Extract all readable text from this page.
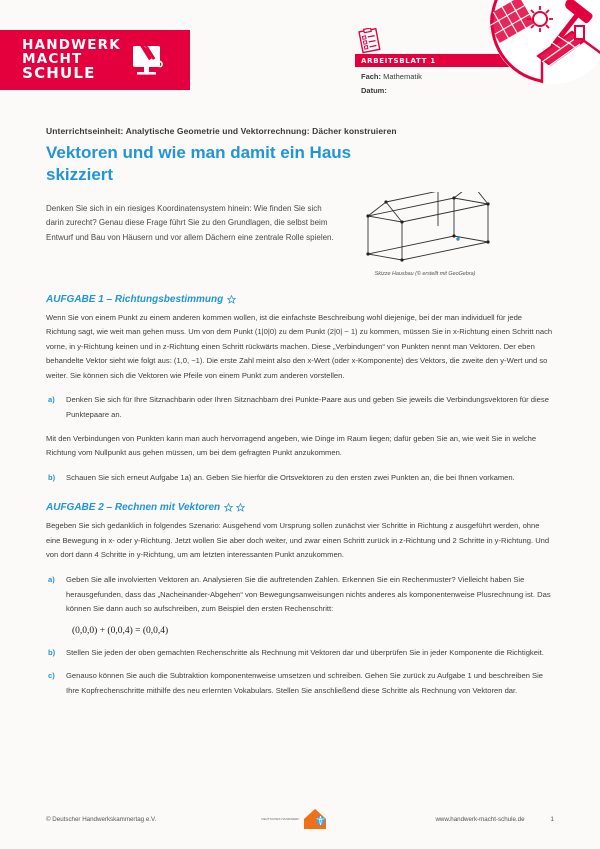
HANDWERK
MACHT
SCHULE
ARBEITSBLATT 1
Fach: Mathematik
Datum:
Unterrichtseinheit: Analytische Geometrie und Vektorrechnung: Dächer konstruieren
Vektoren und wie man damit ein Haus skizziert
Denken Sie sich in ein riesiges Koordinatensystem hinein: Wie finden Sie sich darin zurecht? Genau diese Frage führt Sie zu den Grundlagen, die selbst beim Entwurf und Bau von Häusern und vor allem Dächern eine zentrale Rolle spielen.
Skizze Hausbau (© erstellt mit GeoGebra)
AUFGABE 1 – Richtungsbestimmung

Wenn Sie von einem Punkt zu einem anderen kommen wollen, ist die einfachste Beschreibung wohl diejenige, bei der man individuell für jede Richtung sagt, wie weit man gehen muss. Um von dem Punkt (1|0|0) zu dem Punkt (2|0| − 1) zu kommen, müssen Sie in x-Richtung einen Schritt nach vorne, in y-Richtung keinen und in z-Richtung einen Schritt rückwärts machen. Diese „Verbindungen“ von Punkten nennt man Vektoren. Der eben behandelte Vektor sieht wie folgt aus: (1,0, −1). Die erste Zahl meint also den x-Wert (oder x-Komponente) des Vektors, die zweite den y-Wert und so weiter. Sie können sich die Vektoren wie Pfeile von einem Punkt zum anderen vorstellen.

a)	Denken Sie sich für Ihre Sitznachbarin oder Ihren Sitznachbarn drei Punkte-Paare aus und geben Sie jeweils die Verbindungsvektoren für diese Punktepaare an.

Mit den Verbindungen von Punkten kann man auch hervorragend angeben, wie Dinge im Raum liegen; dafür geben Sie an, wie weit Sie in welche Richtung vom Nullpunkt aus gehen müssen, um bei dem gefragten Punkt anzukommen.

b)	Schauen Sie sich erneut Aufgabe 1a) an. Geben Sie hierfür die Ortsvektoren zu den ersten zwei Punkten an, die bei Ihnen vorkamen.
AUFGABE 2 – Rechnen mit Vektoren

Begeben Sie sich gedanklich in folgendes Szenario: Ausgehend vom Ursprung sollen zunächst vier Schritte in Richtung z ausgeführt werden, ohne eine Bewegung in x- oder y-Richtung. Jetzt wollen Sie aber doch weiter, und zwar einen Schritt zurück in z-Richtung und 2 Schritte in y-Richtung. Und von dort dann 4 Schritte in y-Richtung, um am letzten interessanten Punkt anzukommen.

a)	Geben Sie alle involvierten Vektoren an. Analysieren Sie die auftretenden Zahlen. Erkennen Sie ein Rechenmuster? Vielleicht haben Sie herausgefunden, dass das „Nacheinander-Abgehen“ von Bewegungsanweisungen nichts anderes als komponentenweise Plusrechnung ist. Das können Sie dann auch so aufschreiben, zum Beispiel den ersten Rechenschritt:
(0,0,0) + (0,0,4) = (0,0,4)
b)	Stellen Sie jeden der oben gemachten Rechenschritte als Rechnung mit Vektoren dar und überprüfen Sie in jeder Komponente die Richtigkeit.
c)	Genauso können Sie auch die Subtraktion komponentenweise umsetzen und schreiben. Gehen Sie zurück zu Aufgabe 1 und beschreiben Sie Ihre Kopfrechenschritte mithilfe des neu erlernten Vokabulars. Stellen Sie anschließend diese Schritte als Rechnung von Vektoren dar.
© Deutscher Handwerkskammertag e.V.	DEUTSCHES HANDWERK	www.handwerk-macht-schule.de	1
